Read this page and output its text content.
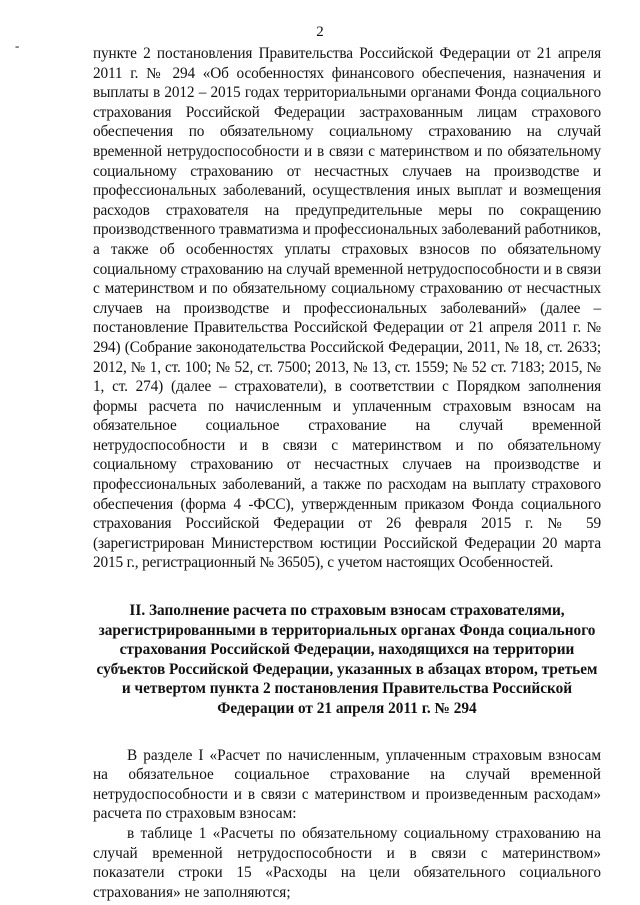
-
2

пункте 2 постановления Правительства Российской Федерации от 21 апреля 2011 г. № 294 «Об особенностях финансового обеспечения, назначения и выплаты в 2012 – 2015 годах территориальными органами Фонда социального страхования Российской Федерации застрахованным лицам страхового обеспечения по обязательному социальному страхованию на случай временной нетрудоспособности и в связи с материнством и по обязательному социальному страхованию от несчастных случаев на производстве и профессиональных заболеваний, осуществления иных выплат и возмещения расходов страхователя на предупредительные меры по сокращению производственного травматизма и профессиональных заболеваний работников, а также об особенностях уплаты страховых взносов по обязательному социальному страхованию на случай временной нетрудоспособности и в связи с материнством и по обязательному социальному страхованию от несчастных случаев на производстве и профессиональных заболеваний» (далее – постановление Правительства Российской Федерации от 21 апреля 2011 г. № 294) (Собрание законодательства Российской Федерации, 2011, № 18, ст. 2633; 2012, № 1, ст. 100; № 52, ст. 7500; 2013, № 13, ст. 1559; № 52 ст. 7183; 2015, № 1, ст. 274) (далее – страхователи), в соответствии с Порядком заполнения формы расчета по начисленным и уплаченным страховым взносам на обязательное социальное страхование на случай временной нетрудоспособности и в связи с материнством и по обязательному социальному страхованию от несчастных случаев на производстве и профессиональных заболеваний, а также по расходам на выплату страхового обеспечения (форма 4 -ФСС), утвержденным приказом Фонда социального страхования Российской Федерации от 26 февраля 2015 г. № 59 (зарегистрирован Министерством юстиции Российской Федерации 20 марта 2015 г., регистрационный № 36505), с учетом настоящих Особенностей.

II. Заполнение расчета по страховым взносам страхователями, зарегистрированными в территориальных органах Фонда социального страхования Российской Федерации, находящихся на территории субъектов Российской Федерации, указанных в абзацах втором, третьем и четвертом пункта 2 постановления Правительства Российской Федерации от 21 апреля 2011 г. № 294

В разделе I «Расчет по начисленным, уплаченным страховым взносам на обязательное социальное страхование на случай временной нетрудоспособности и в связи с материнством и произведенным расходам» расчета по страховым взносам:

в таблице 1 «Расчеты по обязательному социальному страхованию на случай временной нетрудоспособности и в связи с материнством» показатели строки 15 «Расходы на цели обязательного социального страхования» не заполняются;
